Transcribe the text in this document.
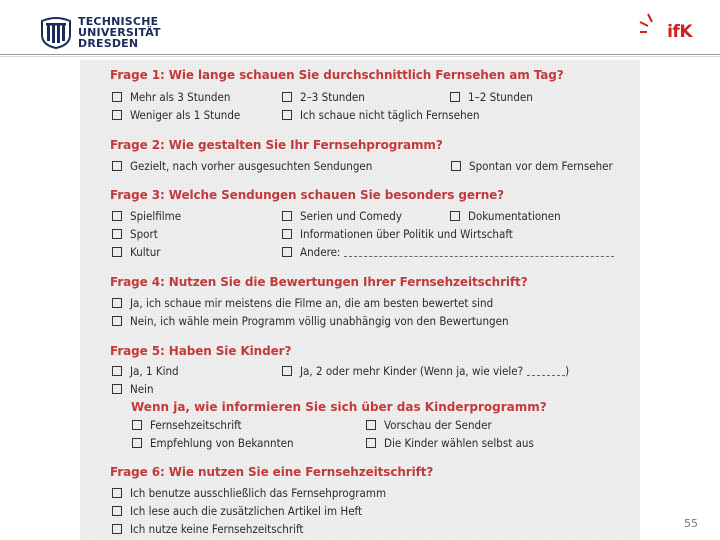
TECHNISCHE
UNIVERSITÄT
DRESDEN
ifK
Frage 1: Wie lange schauen Sie durchschnittlich Fernsehen am Tag?
Mehr als 3 Stunden	2–3 Stunden	1–2 Stunden
Weniger als 1 Stunde	Ich schaue nicht täglich Fernsehen
Frage 2: Wie gestalten Sie Ihr Fernsehprogramm?
Gezielt, nach vorher ausgesuchten Sendungen	Spontan vor dem Fernseher
Frage 3: Welche Sendungen schauen Sie besonders gerne?
Spielfilme	Serien und Comedy	Dokumentationen
Sport	Informationen über Politik und Wirtschaft
Kultur	Andere:
Frage 4: Nutzen Sie die Bewertungen Ihrer Fernsehzeitschrift?
Ja, ich schaue mir meistens die Filme an, die am besten bewertet sind
Nein, ich wähle mein Programm völlig unabhängig von den Bewertungen
Frage 5: Haben Sie Kinder?
Ja, 1 Kind	Ja, 2 oder mehr Kinder (Wenn ja, wie viele?	)
Nein
Wenn ja, wie informieren Sie sich über das Kinderprogramm?
Fernsehzeitschrift	Vorschau der Sender
Empfehlung von Bekannten	Die Kinder wählen selbst aus
Frage 6: Wie nutzen Sie eine Fernsehzeitschrift?
Ich benutze ausschließlich das Fernsehprogramm
Ich lese auch die zusätzlichen Artikel im Heft
Ich nutze keine Fernsehzeitschrift	55
